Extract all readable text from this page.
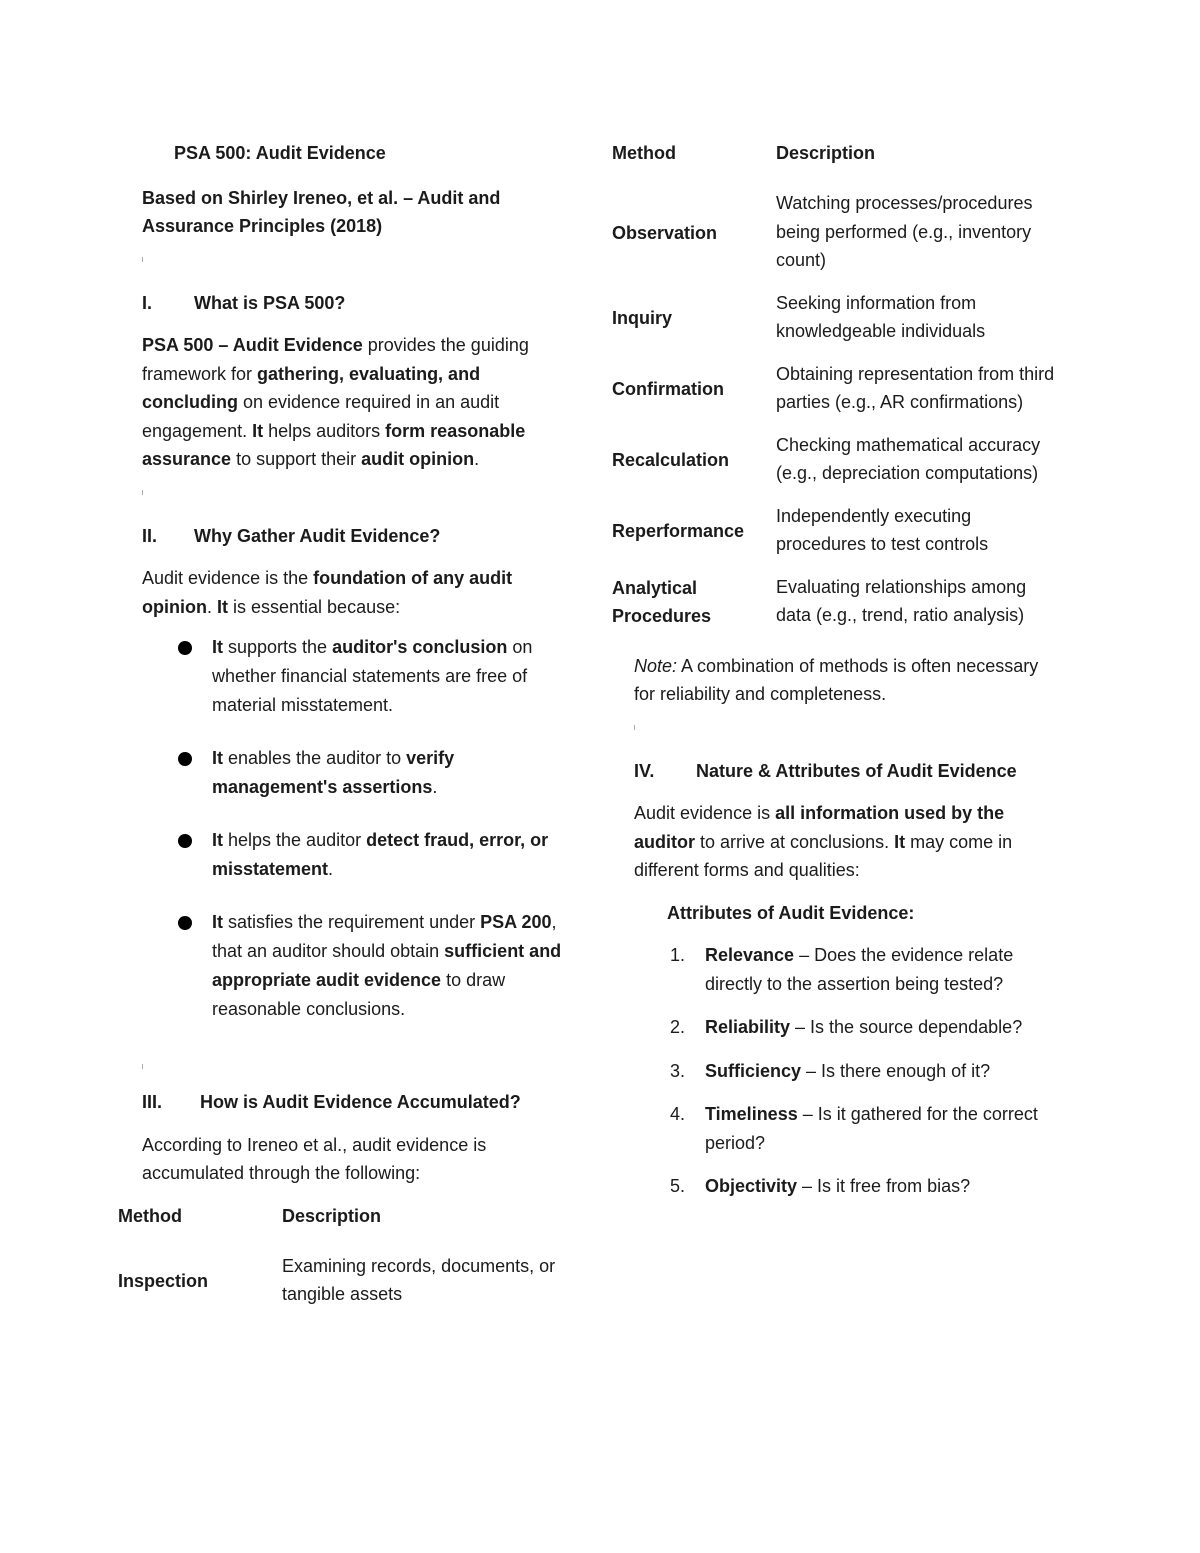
PSA 500: Audit Evidence

Based on Shirley Ireneo, et al. – Audit and Assurance Principles (2018)

I.	What is PSA 500?

PSA 500 – Audit Evidence provides the guiding framework for gathering, evaluating, and concluding on evidence required in an audit engagement. It helps auditors form reasonable assurance to support their audit opinion.

II.	Why Gather Audit Evidence?

Audit evidence is the foundation of any audit opinion. It is essential because:

It supports the auditor's conclusion on whether financial statements are free of material misstatement.
It enables the auditor to verify management's assertions.
It helps the auditor detect fraud, error, or misstatement.
It satisfies the requirement under PSA 200, that an auditor should obtain sufficient and appropriate audit evidence to draw reasonable conclusions.
III.	How is Audit Evidence Accumulated?

According to Ireneo et al., audit evidence is accumulated through the following:

Method	Description
Inspection	Examining records, documents, or tangible assets
Method	Description
Observation	Watching processes/procedures being performed (e.g., inventory count)
Inquiry	Seeking information from knowledgeable individuals
Confirmation	Obtaining representation from third parties (e.g., AR confirmations)
Recalculation	Checking mathematical accuracy (e.g., depreciation computations)
Reperformance	Independently executing procedures to test controls
Analytical Procedures	Evaluating relationships among data (e.g., trend, ratio analysis)

Note: A combination of methods is often necessary for reliability and completeness.

IV.	Nature & Attributes of Audit Evidence

Audit evidence is all information used by the auditor to arrive at conclusions. It may come in different forms and qualities:

Attributes of Audit Evidence:

1. Relevance – Does the evidence relate directly to the assertion being tested?
2. Reliability – Is the source dependable?
3. Sufficiency – Is there enough of it?
4. Timeliness – Is it gathered for the correct period?
5. Objectivity – Is it free from bias?
